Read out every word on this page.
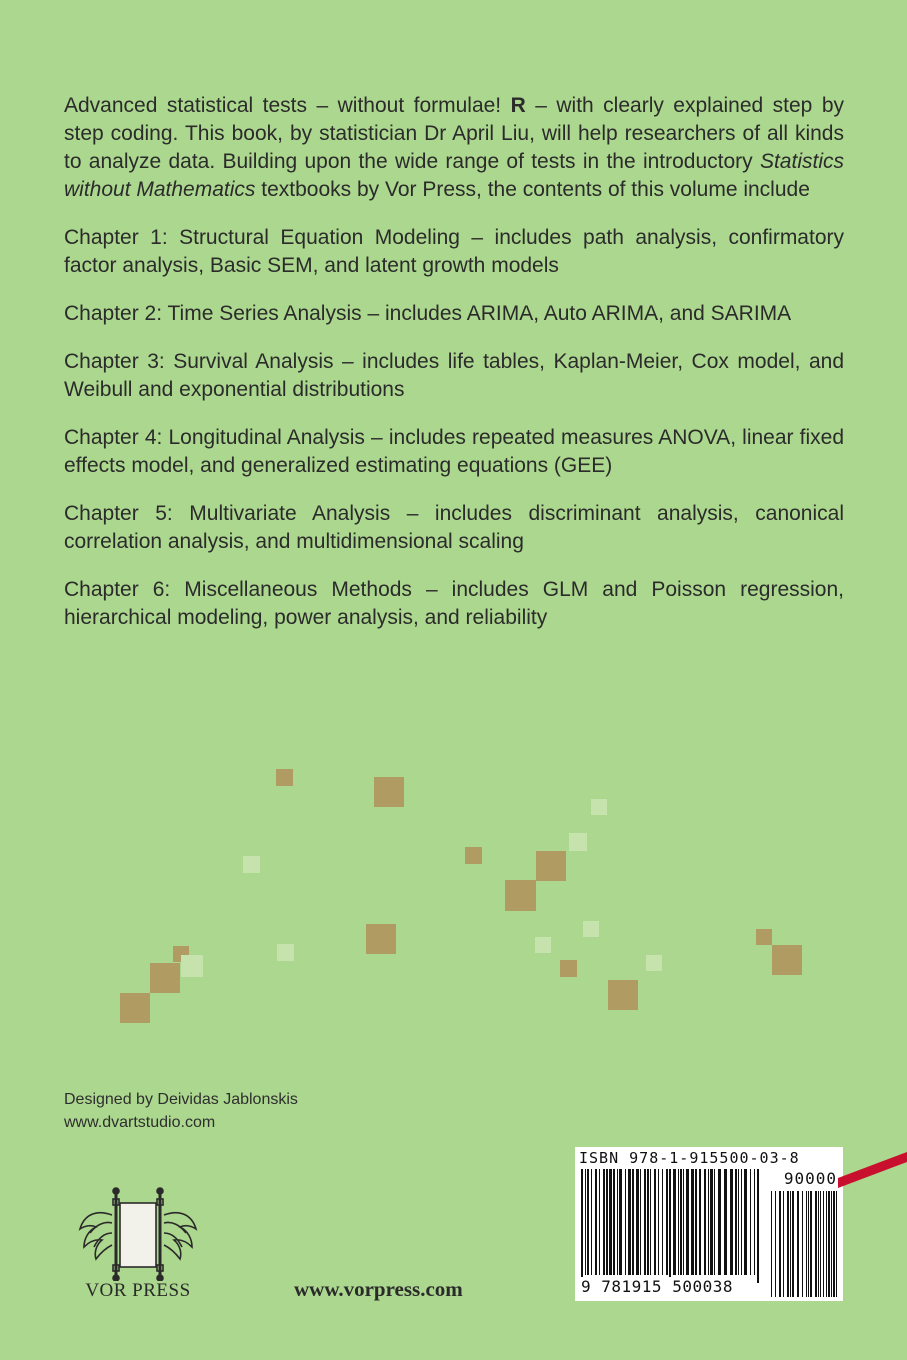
Advanced statistical tests – without formulae! R – with clearly explained step by step coding. This book, by statistician Dr April Liu, will help researchers of all kinds to analyze data. Building upon the wide range of tests in the introductory Statistics without Mathematics textbooks by Vor Press, the contents of this volume include

Chapter 1: Structural Equation Modeling – includes path analysis, confirmatory factor analysis, Basic SEM, and latent growth models

Chapter 2: Time Series Analysis – includes ARIMA, Auto ARIMA, and SARIMA

Chapter 3: Survival Analysis – includes life tables, Kaplan-Meier, Cox model, and Weibull and exponential distributions

Chapter 4: Longitudinal Analysis – includes repeated measures ANOVA, linear fixed effects model, and generalized estimating equations (GEE)

Chapter 5: Multivariate Analysis – includes discriminant analysis, canonical correlation analysis, and multidimensional scaling

Chapter 6: Miscellaneous Methods – includes GLM and Poisson regression, hierarchical modeling, power analysis, and reliability

Designed by Deividas Jablonskis
www.dvartstudio.com
VOR PRESS	www.vorpress.com
ISBN 978-1-915500-03-8
90000
9 781915 500038
